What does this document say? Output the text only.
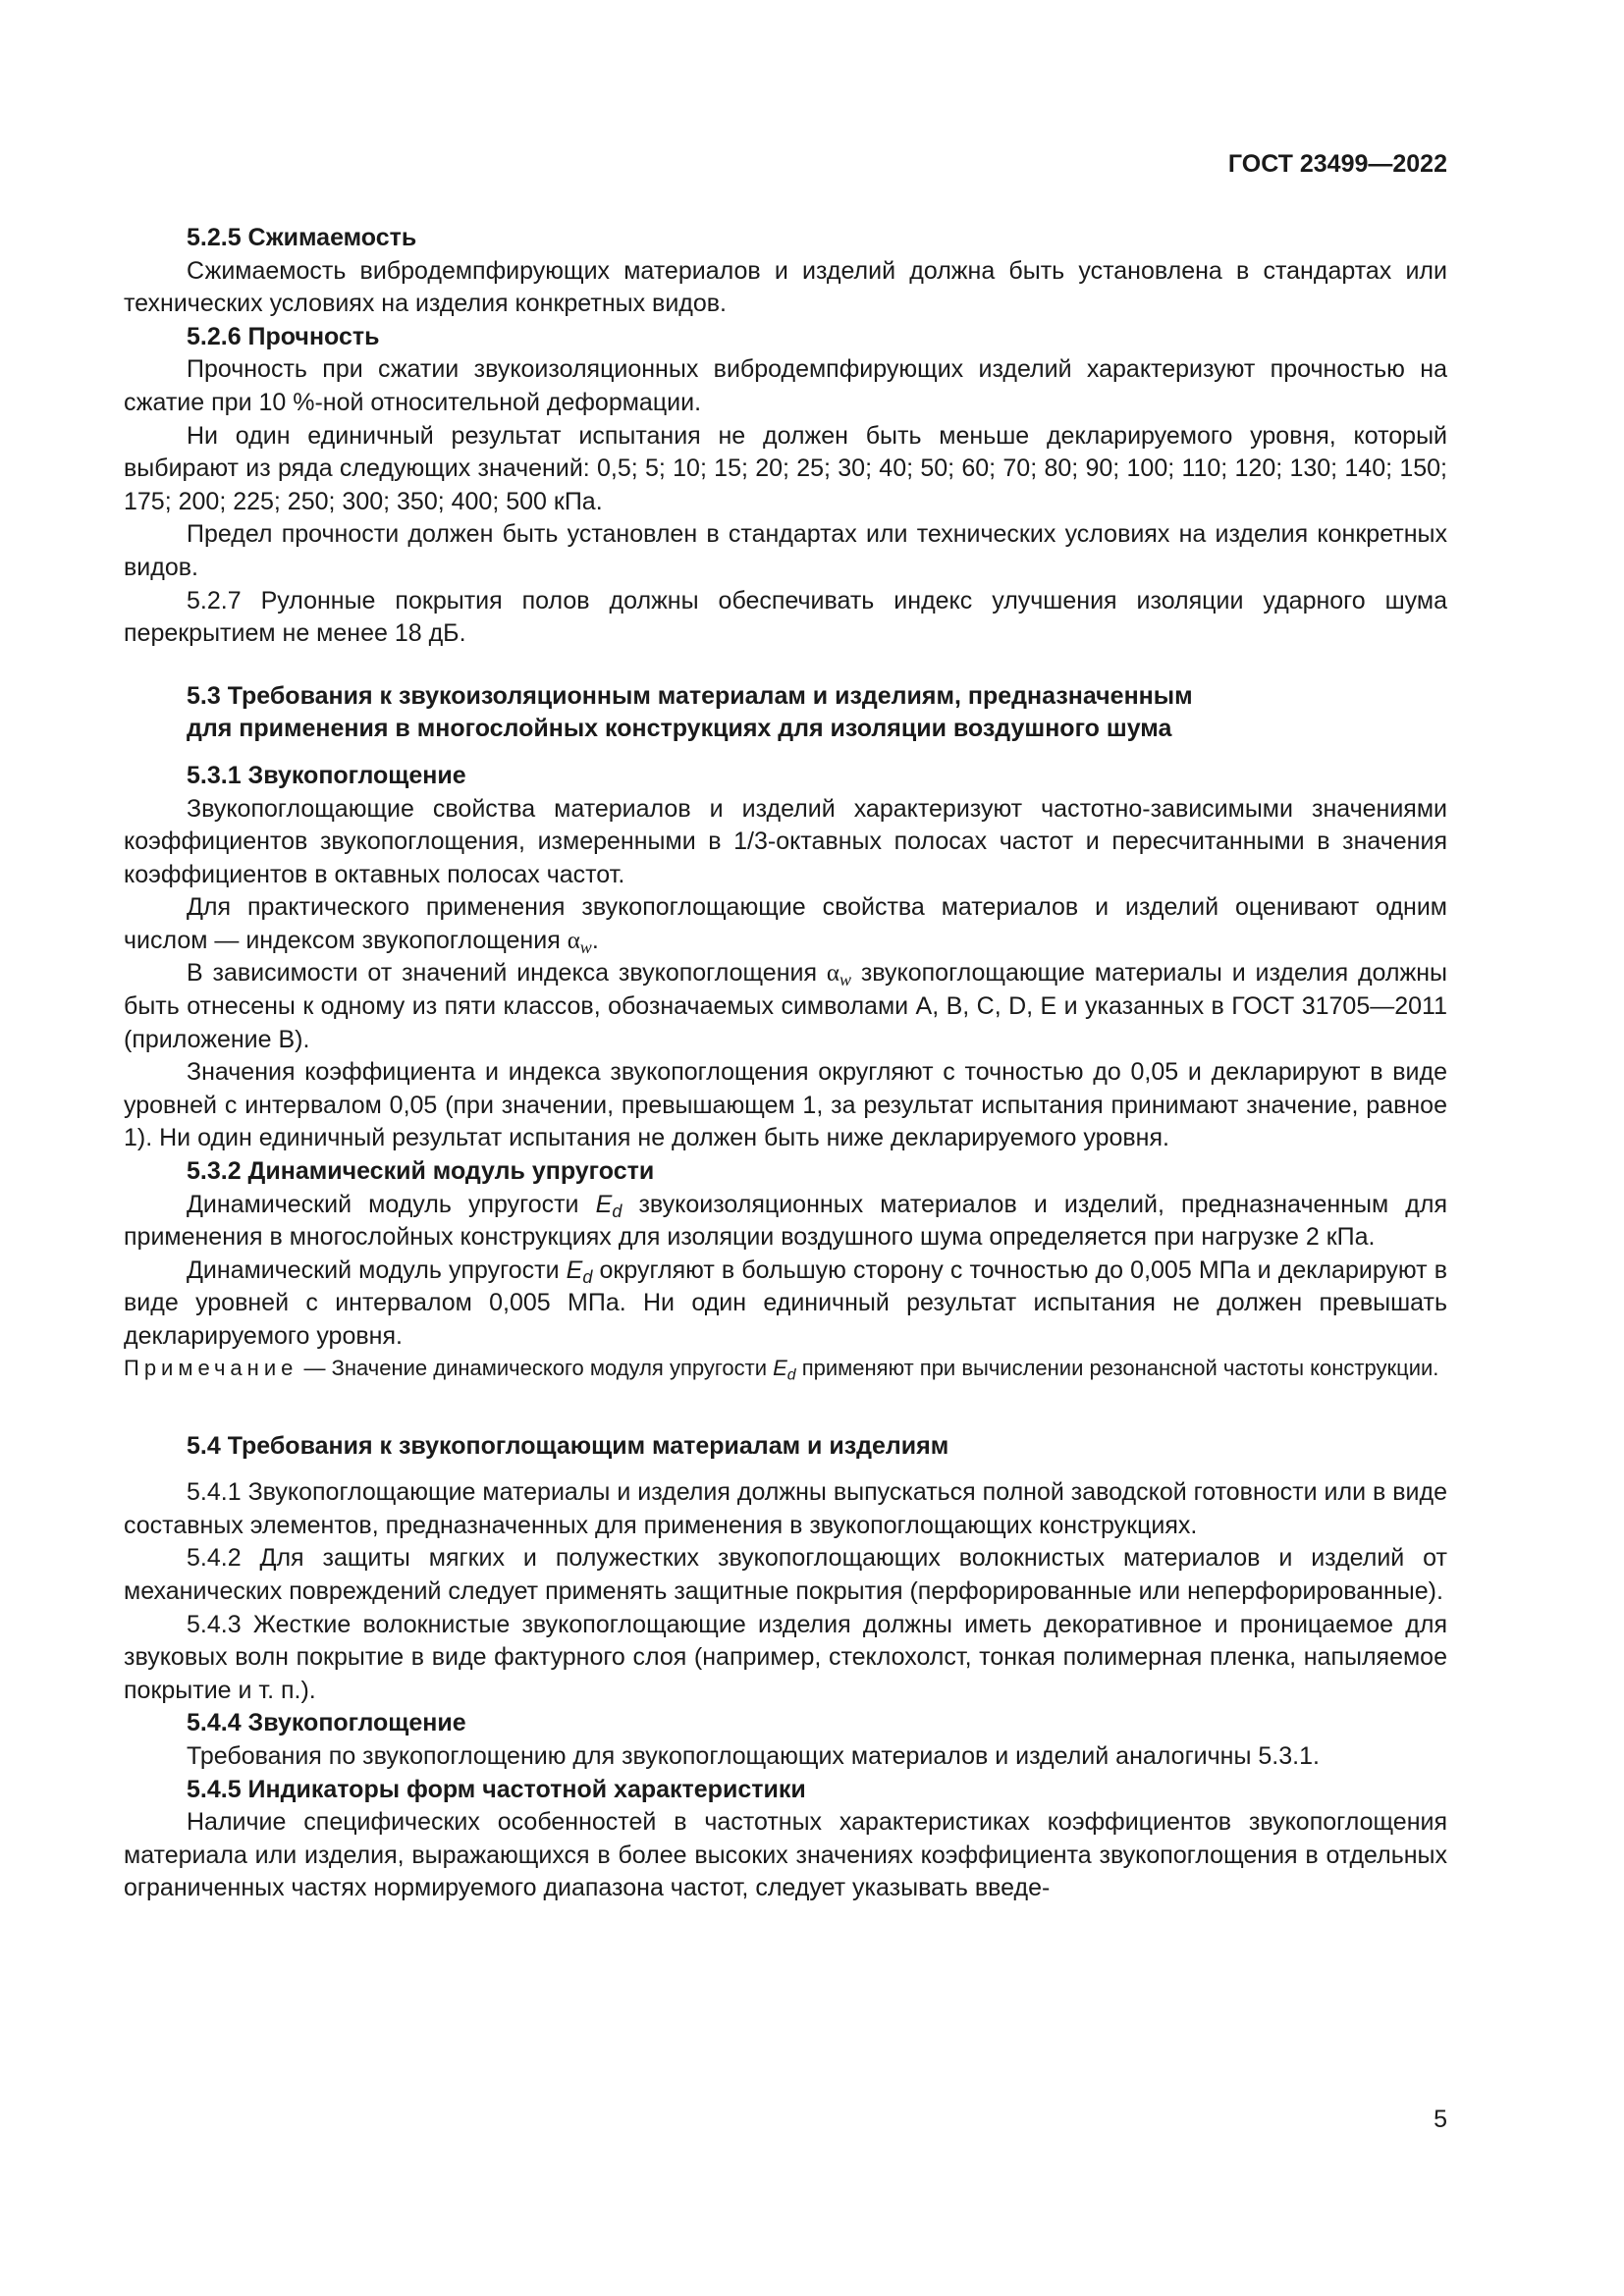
ГОСТ 23499—2022
5.2.5 Сжимаемость

Сжимаемость вибродемпфирующих материалов и изделий должна быть установлена в стандартах или технических условиях на изделия конкретных видов.

5.2.6 Прочность

Прочность при сжатии звукоизоляционных вибродемпфирующих изделий характеризуют прочностью на сжатие при 10 %-ной относительной деформации.

Ни один единичный результат испытания не должен быть меньше декларируемого уровня, который выбирают из ряда следующих значений: 0,5; 5; 10; 15; 20; 25; 30; 40; 50; 60; 70; 80; 90; 100; 110; 120; 130; 140; 150; 175; 200; 225; 250; 300; 350; 400; 500 кПа.

Предел прочности должен быть установлен в стандартах или технических условиях на изделия конкретных видов.

5.2.7 Рулонные покрытия полов должны обеспечивать индекс улучшения изоляции ударного шума перекрытием не менее 18 дБ.

5.3 Требования к звукоизоляционным материалам и изделиям, предназначенным
для применения в многослойных конструкциях для изоляции воздушного шума
5.3.1 Звукопоглощение

Звукопоглощающие свойства материалов и изделий характеризуют частотно-зависимыми значениями коэффициентов звукопоглощения, измеренными в 1/3-октавных полосах частот и пересчитанными в значения коэффициентов в октавных полосах частот.

Для практического применения звукопоглощающие свойства материалов и изделий оценивают одним числом — индексом звукопоглощения $\alpha_w$.

В зависимости от значений индекса звукопоглощения $\alpha_w$ звукопоглощающие материалы и изделия должны быть отнесены к одному из пяти классов, обозначаемых символами А, В, С, D, Е и указанных в ГОСТ 31705—2011 (приложение В).

Значения коэффициента и индекса звукопоглощения округляют с точностью до 0,05 и декларируют в виде уровней с интервалом 0,05 (при значении, превышающем 1, за результат испытания принимают значение, равное 1). Ни один единичный результат испытания не должен быть ниже декларируемого уровня.

5.3.2 Динамический модуль упругости

Динамический модуль упругости $E_d$ звукоизоляционных материалов и изделий, предназначенным для применения в многослойных конструкциях для изоляции воздушного шума определяется при нагрузке 2 кПа.

Динамический модуль упругости $E_d$ округляют в большую сторону с точностью до 0,005 МПа и декларируют в виде уровней с интервалом 0,005 МПа. Ни один единичный результат испытания не должен превышать декларируемого уровня.

Примечание — Значение динамического модуля упругости $E_d$ применяют при вычислении резонансной частоты конструкции.

5.4 Требования к звукопоглощающим материалам и изделиям

5.4.1 Звукопоглощающие материалы и изделия должны выпускаться полной заводской готовности или в виде составных элементов, предназначенных для применения в звукопоглощающих конструкциях.

5.4.2 Для защиты мягких и полужестких звукопоглощающих волокнистых материалов и изделий от механических повреждений следует применять защитные покрытия (перфорированные или неперфорированные).

5.4.3 Жесткие волокнистые звукопоглощающие изделия должны иметь декоративное и проницаемое для звуковых волн покрытие в виде фактурного слоя (например, стеклохолст, тонкая полимерная пленка, напыляемое покрытие и т. п.).

5.4.4 Звукопоглощение

Требования по звукопоглощению для звукопоглощающих материалов и изделий аналогичны 5.3.1.

5.4.5 Индикаторы форм частотной характеристики

Наличие специфических особенностей в частотных характеристиках коэффициентов звукопоглощения материала или изделия, выражающихся в более высоких значениях коэффициента звукопоглощения в отдельных ограниченных частях нормируемого диапазона частот, следует указывать введе-

5
